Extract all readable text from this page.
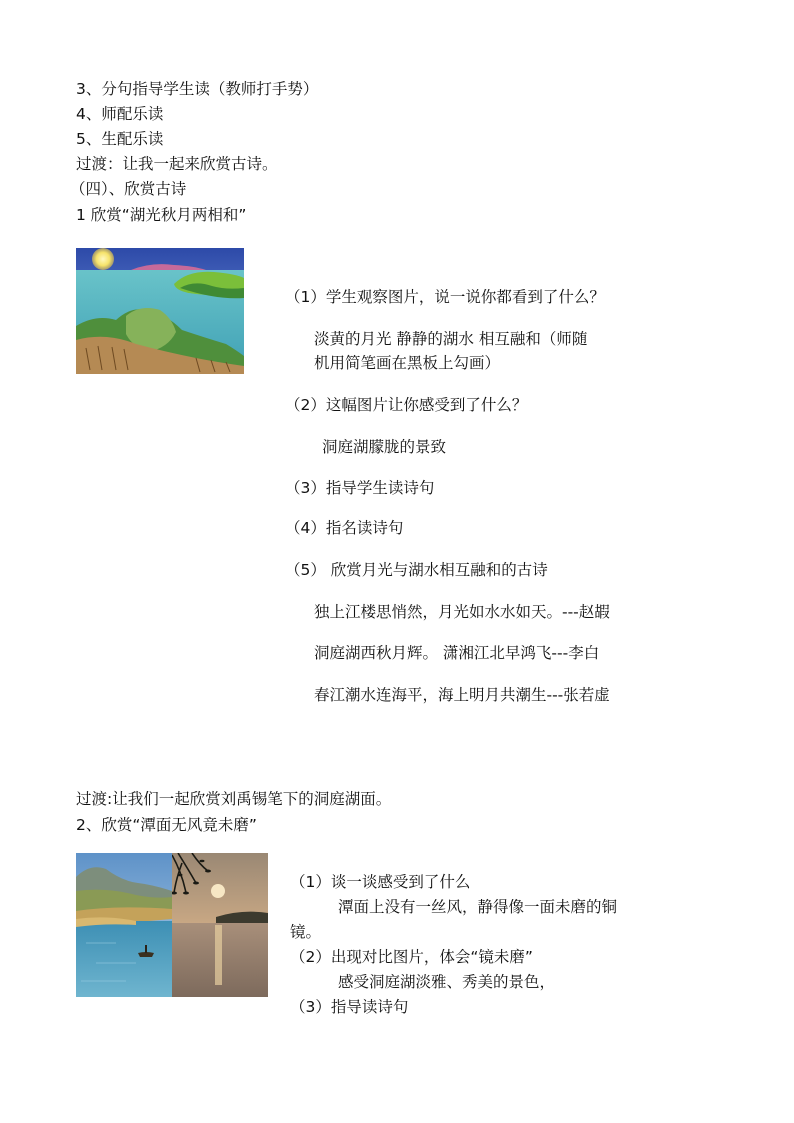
3、分句指导学生读（教师打手势）
4、师配乐读
5、生配乐读
过渡：让我一起来欣赏古诗。
（四）、欣赏古诗
1 欣赏“湖光秋月两相和”
（1）学生观察图片，说一说你都看到了什么？
淡黄的月光 静静的湖水 相互融和（师随
机用简笔画在黑板上勾画）
（2）这幅图片让你感受到了什么？
洞庭湖朦胧的景致
（3）指导学生读诗句
（4）指名读诗句
（5） 欣赏月光与湖水相互融和的古诗
独上江楼思悄然，月光如水水如天。---赵嘏
洞庭湖西秋月辉。 潇湘江北早鸿飞---李白
春江潮水连海平，海上明月共潮生---张若虚
过渡:让我们一起欣赏刘禹锡笔下的洞庭湖面。
2、欣赏“潭面无风竟未磨”
（1）谈一谈感受到了什么
潭面上没有一丝风，静得像一面未磨的铜
镜。
（2）出现对比图片，体会“镜未磨”
感受洞庭湖淡雅、秀美的景色，
（3）指导读诗句
